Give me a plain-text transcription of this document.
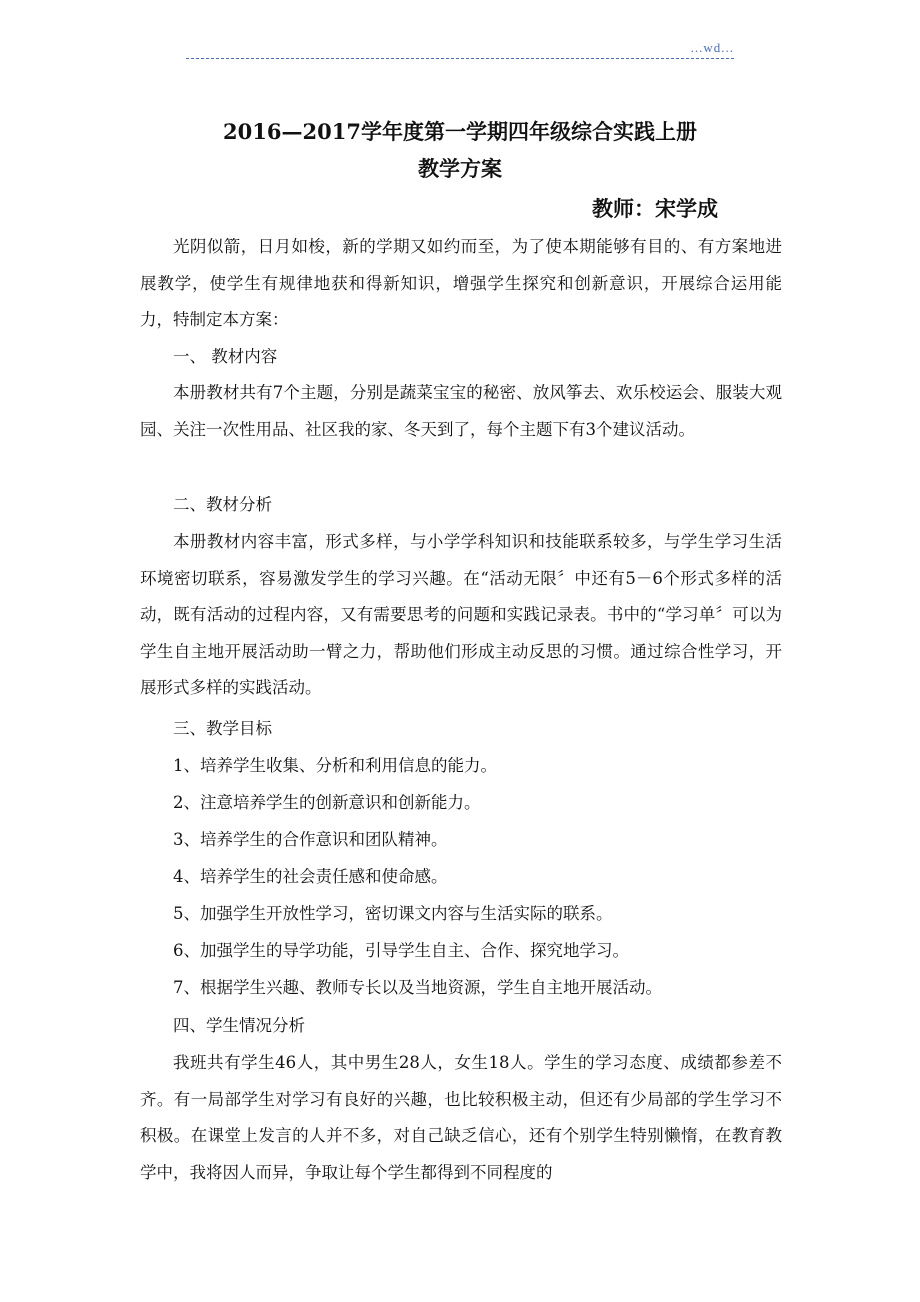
...wd...
2016—2017学年度第一学期四年级综合实践上册
教学方案
教师：宋学成
光阴似箭，日月如梭，新的学期又如约而至，为了使本期能够有目的、有方案地进展教学，使学生有规律地获和得新知识，增强学生探究和创新意识，开展综合运用能力，特制定本方案：
一、 教材内容
本册教材共有7个主题，分别是蔬菜宝宝的秘密、放风筝去、欢乐校运会、服装大观园、关注一次性用品、社区我的家、冬天到了，每个主题下有3个建议活动。
二、教材分析
本册教材内容丰富，形式多样，与小学学科知识和技能联系较多，与学生学习生活环境密切联系，容易激发学生的学习兴趣。在“活动无限〞中还有5－6个形式多样的活动，既有活动的过程内容，又有需要思考的问题和实践记录表。书中的“学习单〞可以为学生自主地开展活动助一臂之力，帮助他们形成主动反思的习惯。通过综合性学习，开展形式多样的实践活动。
三、教学目标
1、培养学生收集、分析和利用信息的能力。
2、注意培养学生的创新意识和创新能力。
3、培养学生的合作意识和团队精神。
4、培养学生的社会责任感和使命感。
5、加强学生开放性学习，密切课文内容与生活实际的联系。
6、加强学生的导学功能，引导学生自主、合作、探究地学习。
7、根据学生兴趣、教师专长以及当地资源，学生自主地开展活动。
四、学生情况分析
我班共有学生46人，其中男生28人，女生18人。学生的学习态度、成绩都参差不齐。有一局部学生对学习有良好的兴趣，也比较积极主动，但还有少局部的学生学习不积极。在课堂上发言的人并不多，对自己缺乏信心，还有个别学生特别懒惰，在教育教学中，我将因人而异，争取让每个学生都得到不同程度的
